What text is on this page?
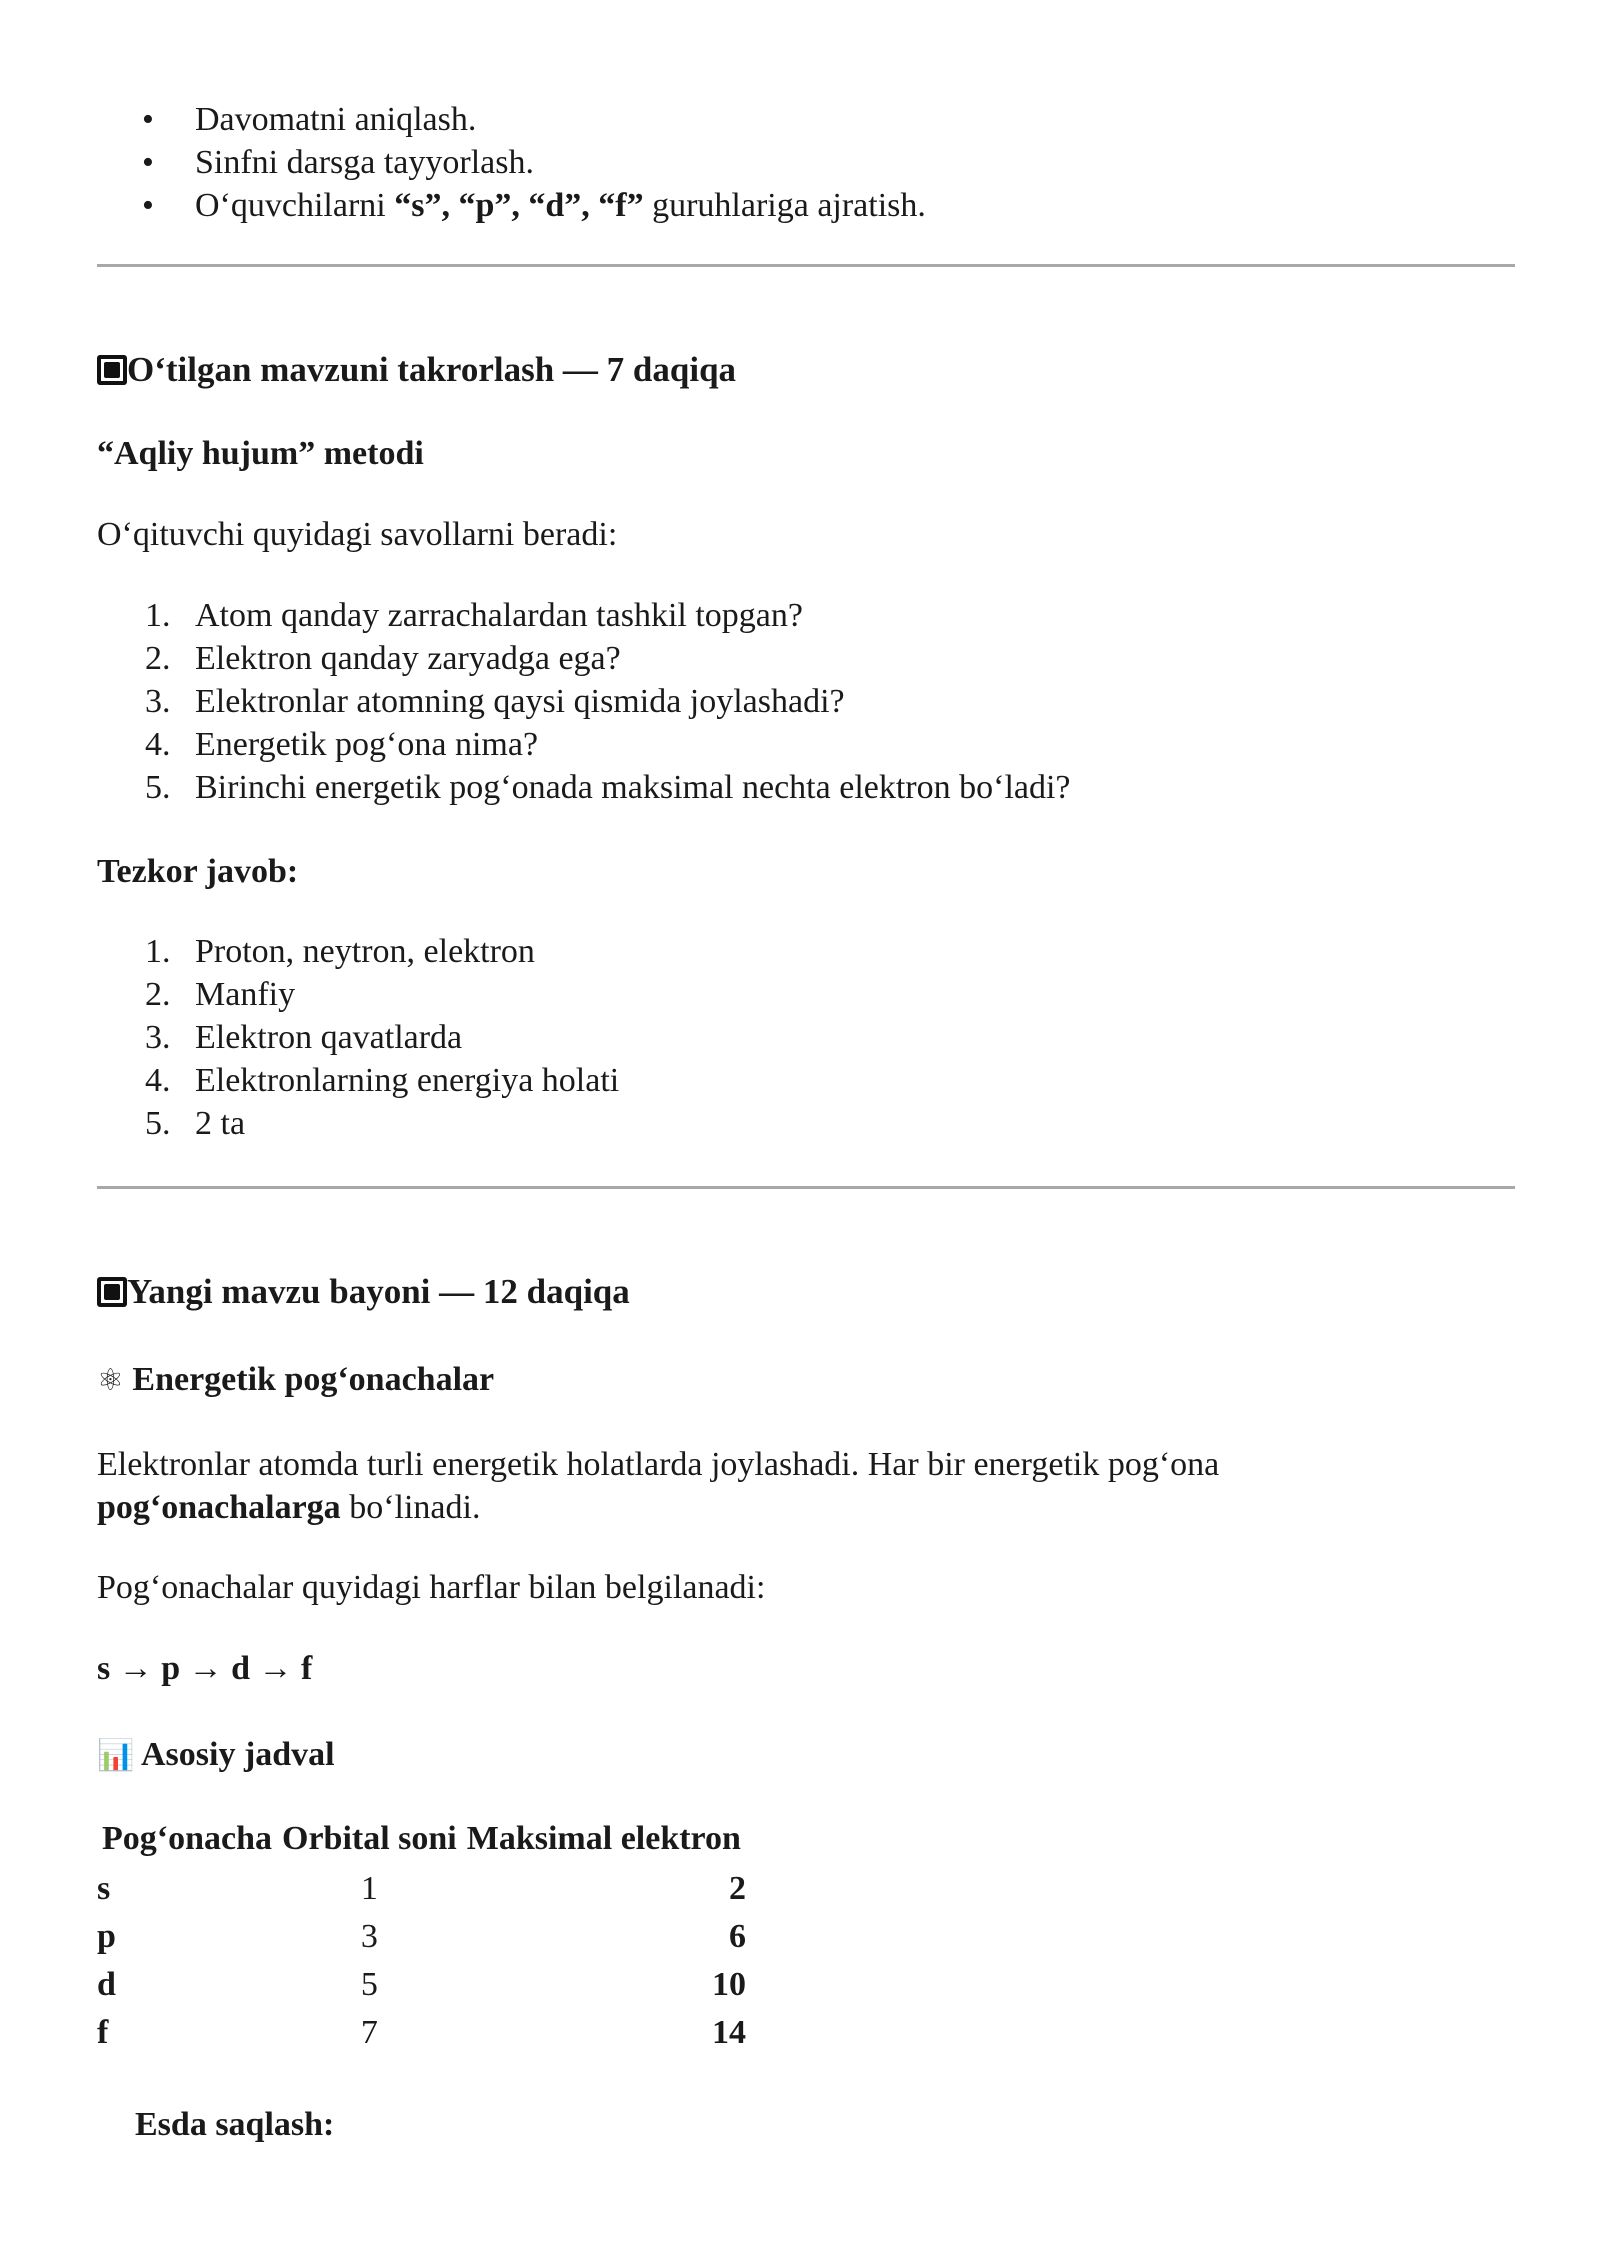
• Davomatni aniqlash.
• Sinfni darsga tayyorlash.
• O‘quvchilarni “s”, “p”, “d”, “f” guruhlariga ajratish.
O‘tilgan mavzuni takrorlash — 7 daqiqa
“Aqliy hujum” metodi
O‘qituvchi quyidagi savollarni beradi:
1. Atom qanday zarrachalardan tashkil topgan?
2. Elektron qanday zaryadga ega?
3. Elektronlar atomning qaysi qismida joylashadi?
4. Energetik pog‘ona nima?
5. Birinchi energetik pog‘onada maksimal nechta elektron bo‘ladi?
Tezkor javob:
1. Proton, neytron, elektron
2. Manfiy
3. Elektron qavatlarda
4. Elektronlarning energiya holati
5. 2 ta
Yangi mavzu bayoni — 12 daqiqa
⚛ Energetik pog‘onachalar
Elektronlar atomda turli energetik holatlarda joylashadi. Har bir energetik pog‘ona
pog‘onachalarga bo‘linadi.
Pog‘onachalar quyidagi harflar bilan belgilanadi:
s → p → d → f
📊 Asosiy jadval
Pog‘onacha	Orbital soni	Maksimal elektron
s	1	2
p	3	6
d	5	10
f	7	14
Esda saqlash:
